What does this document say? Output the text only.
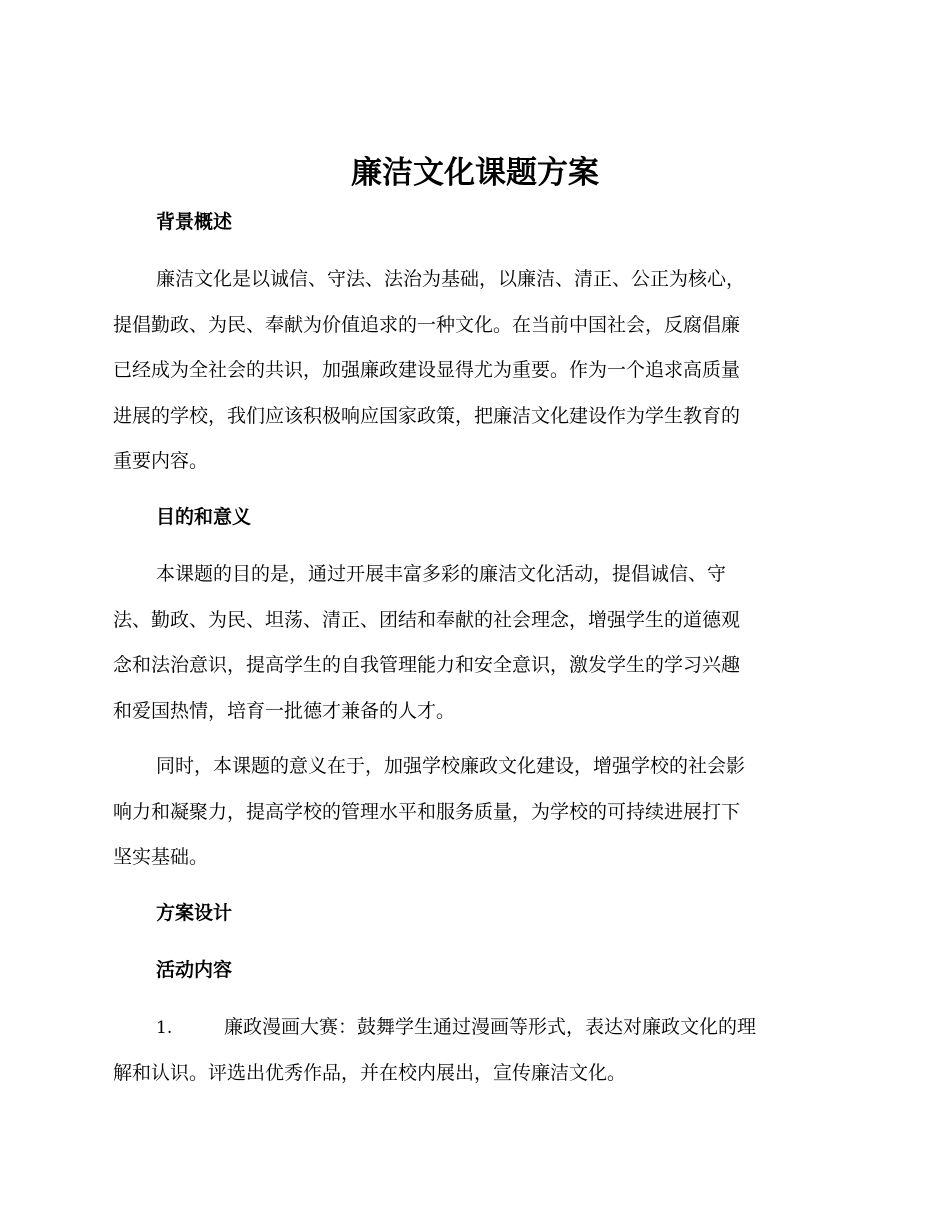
廉洁文化课题方案
背景概述
廉洁文化是以诚信、守法、法治为基础，以廉洁、清正、公正为核心，
提倡勤政、为民、奉献为价值追求的一种文化。在当前中国社会，反腐倡廉
已经成为全社会的共识，加强廉政建设显得尤为重要。作为一个追求高质量
进展的学校，我们应该积极响应国家政策，把廉洁文化建设作为学生教育的
重要内容。
目的和意义
本课题的目的是，通过开展丰富多彩的廉洁文化活动，提倡诚信、守
法、勤政、为民、坦荡、清正、团结和奉献的社会理念，增强学生的道德观
念和法治意识，提高学生的自我管理能力和安全意识，激发学生的学习兴趣
和爱国热情，培育一批德才兼备的人才。
同时，本课题的意义在于，加强学校廉政文化建设，增强学校的社会影
响力和凝聚力，提高学校的管理水平和服务质量，为学校的可持续进展打下
坚实基础。
方案设计
活动内容
1.	廉政漫画大赛：鼓舞学生通过漫画等形式，表达对廉政文化的理
解和认识。评选出优秀作品，并在校内展出，宣传廉洁文化。
